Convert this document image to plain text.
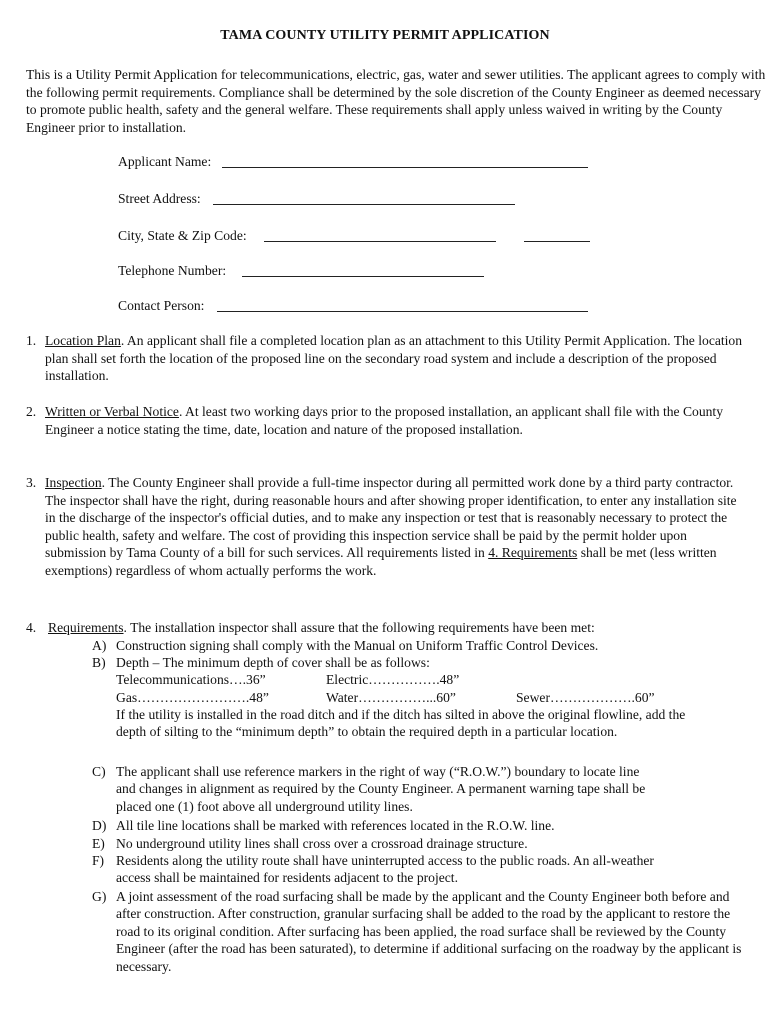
TAMA COUNTY UTILITY PERMIT APPLICATION

This is a Utility Permit Application for telecommunications, electric, gas, water and sewer utilities. The applicant agrees to comply with the following permit requirements. Compliance shall be determined by the sole discretion of the County Engineer as deemed necessary to promote public health, safety and the general welfare. These requirements shall apply unless waived in writing by the County Engineer prior to installation.

Applicant Name:
Street Address:
City, State & Zip Code:
Telephone Number:
Contact Person:
1. Location Plan. An applicant shall file a completed location plan as an attachment to this Utility Permit Application. The location plan shall set forth the location of the proposed line on the secondary road system and include a description of the proposed installation.
2. Written or Verbal Notice. At least two working days prior to the proposed installation, an applicant shall file with the County Engineer a notice stating the time, date, location and nature of the proposed installation.
3. Inspection. The County Engineer shall provide a full-time inspector during all permitted work done by a third party contractor. The inspector shall have the right, during reasonable hours and after showing proper identification, to enter any installation site in the discharge of the inspector's official duties, and to make any inspection or test that is reasonably necessary to protect the public health, safety and welfare. The cost of providing this inspection service shall be paid by the permit holder upon submission by Tama County of a bill for such services. All requirements listed in 4. Requirements shall be met (less written exemptions) regardless of whom actually performs the work.
4. Requirements. The installation inspector shall assure that the following requirements have been met:
A) Construction signing shall comply with the Manual on Uniform Traffic Control Devices.
B) Depth – The minimum depth of cover shall be as follows:
Telecommunications….36”	Electric…………….48”
Gas…………………….48”	Water……………...60”	Sewer……………….60”
If the utility is installed in the road ditch and if the ditch has silted in above the original flowline, add the depth of silting to the “minimum depth” to obtain the required depth in a particular location.
C) The applicant shall use reference markers in the right of way (“R.O.W.”) boundary to locate line and changes in alignment as required by the County Engineer. A permanent warning tape shall be placed one (1) foot above all underground utility lines.
D) All tile line locations shall be marked with references located in the R.O.W. line.
E) No underground utility lines shall cross over a crossroad drainage structure.
F) Residents along the utility route shall have uninterrupted access to the public roads. An all-weather access shall be maintained for residents adjacent to the project.
G) A joint assessment of the road surfacing shall be made by the applicant and the County Engineer both before and after construction. After construction, granular surfacing shall be added to the road by the applicant to restore the road to its original condition. After surfacing has been applied, the road surface shall be reviewed by the County Engineer (after the road has been saturated), to determine if additional surfacing on the roadway by the applicant is necessary.
